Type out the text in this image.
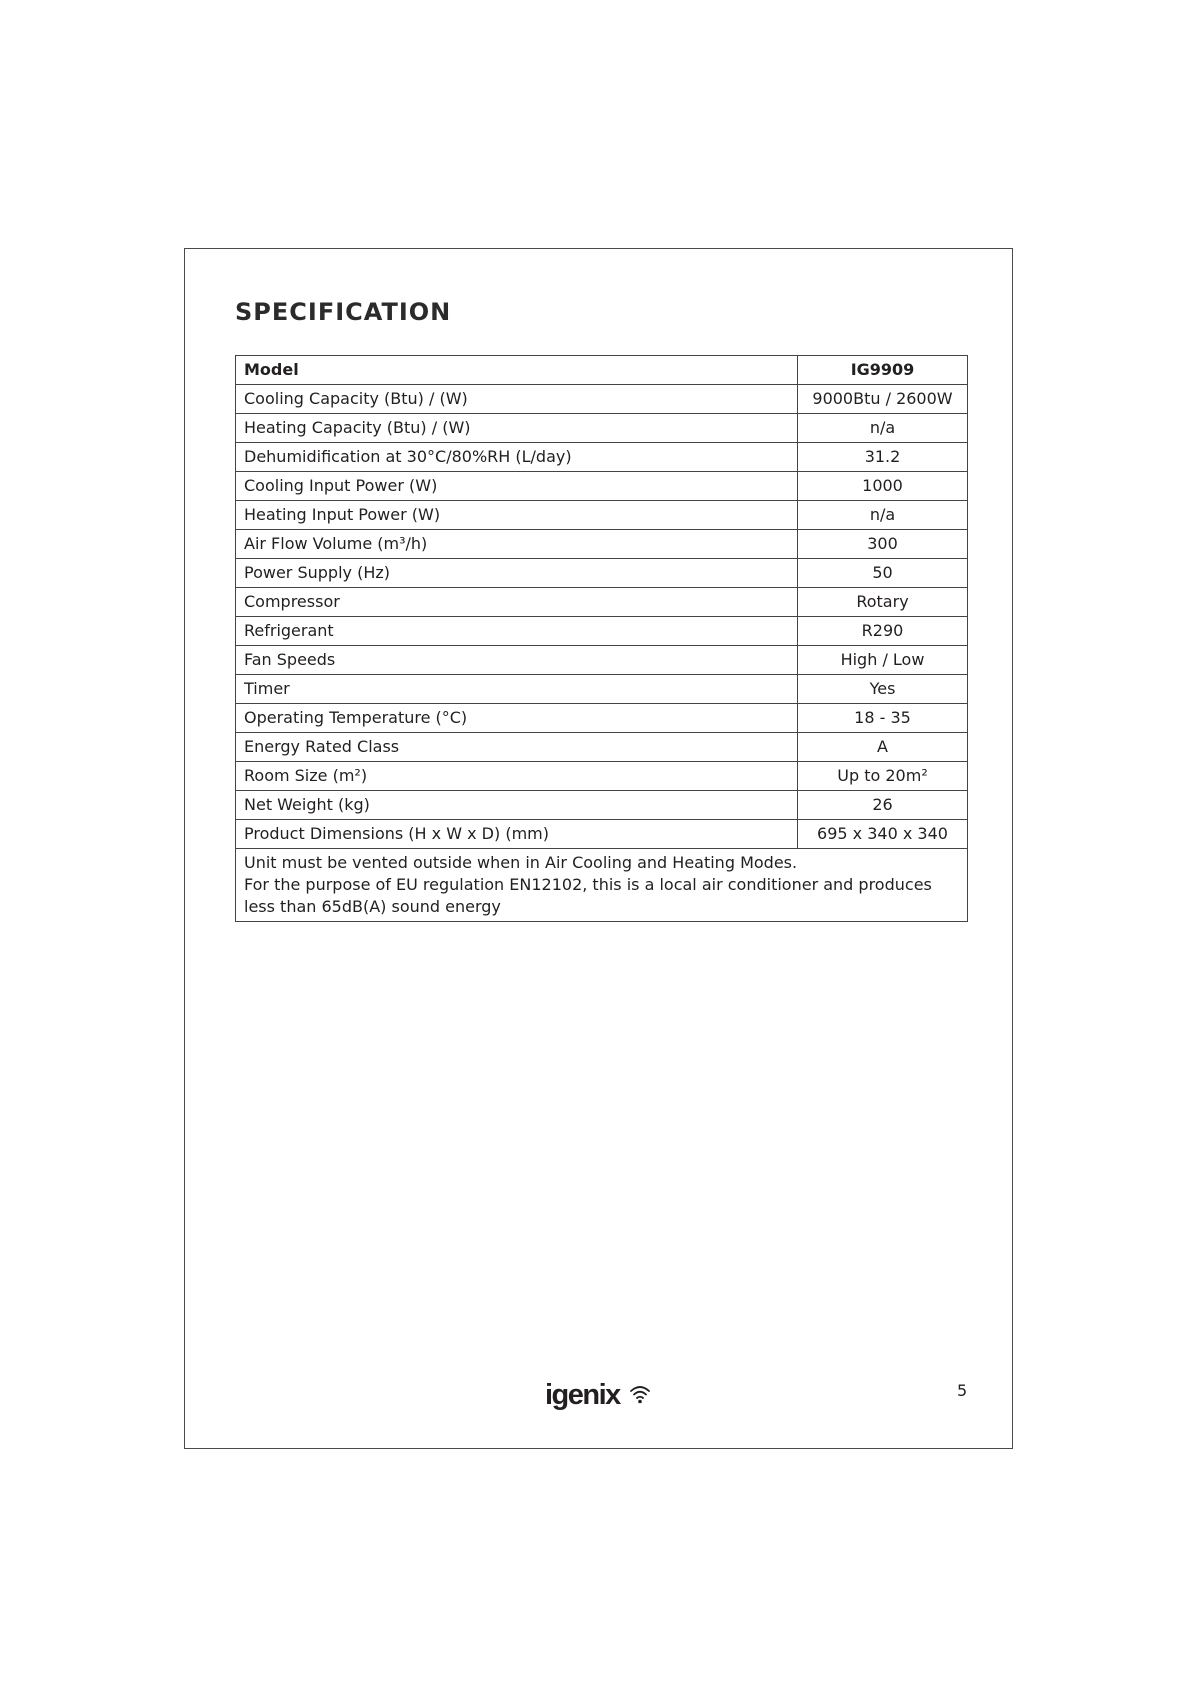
SPECIFICATION
Model	IG9909
Cooling Capacity (Btu) / (W)	9000Btu / 2600W
Heating Capacity (Btu) / (W)	n/a
Dehumidification at 30°C/80%RH (L/day)	31.2
Cooling Input Power (W)	1000
Heating Input Power (W)	n/a
Air Flow Volume (m³/h)	300
Power Supply (Hz)	50
Compressor	Rotary
Refrigerant	R290
Fan Speeds	High / Low
Timer	Yes
Operating Temperature (°C)	18 - 35
Energy Rated Class	A
Room Size (m²)	Up to 20m²
Net Weight (kg)	26
Product Dimensions (H x W x D) (mm)	695 x 340 x 340

Unit must be vented outside when in Air Cooling and Heating Modes.
For the purpose of EU regulation EN12102, this is a local air conditioner and produces less than 65dB(A) sound energy	
igenix	5
